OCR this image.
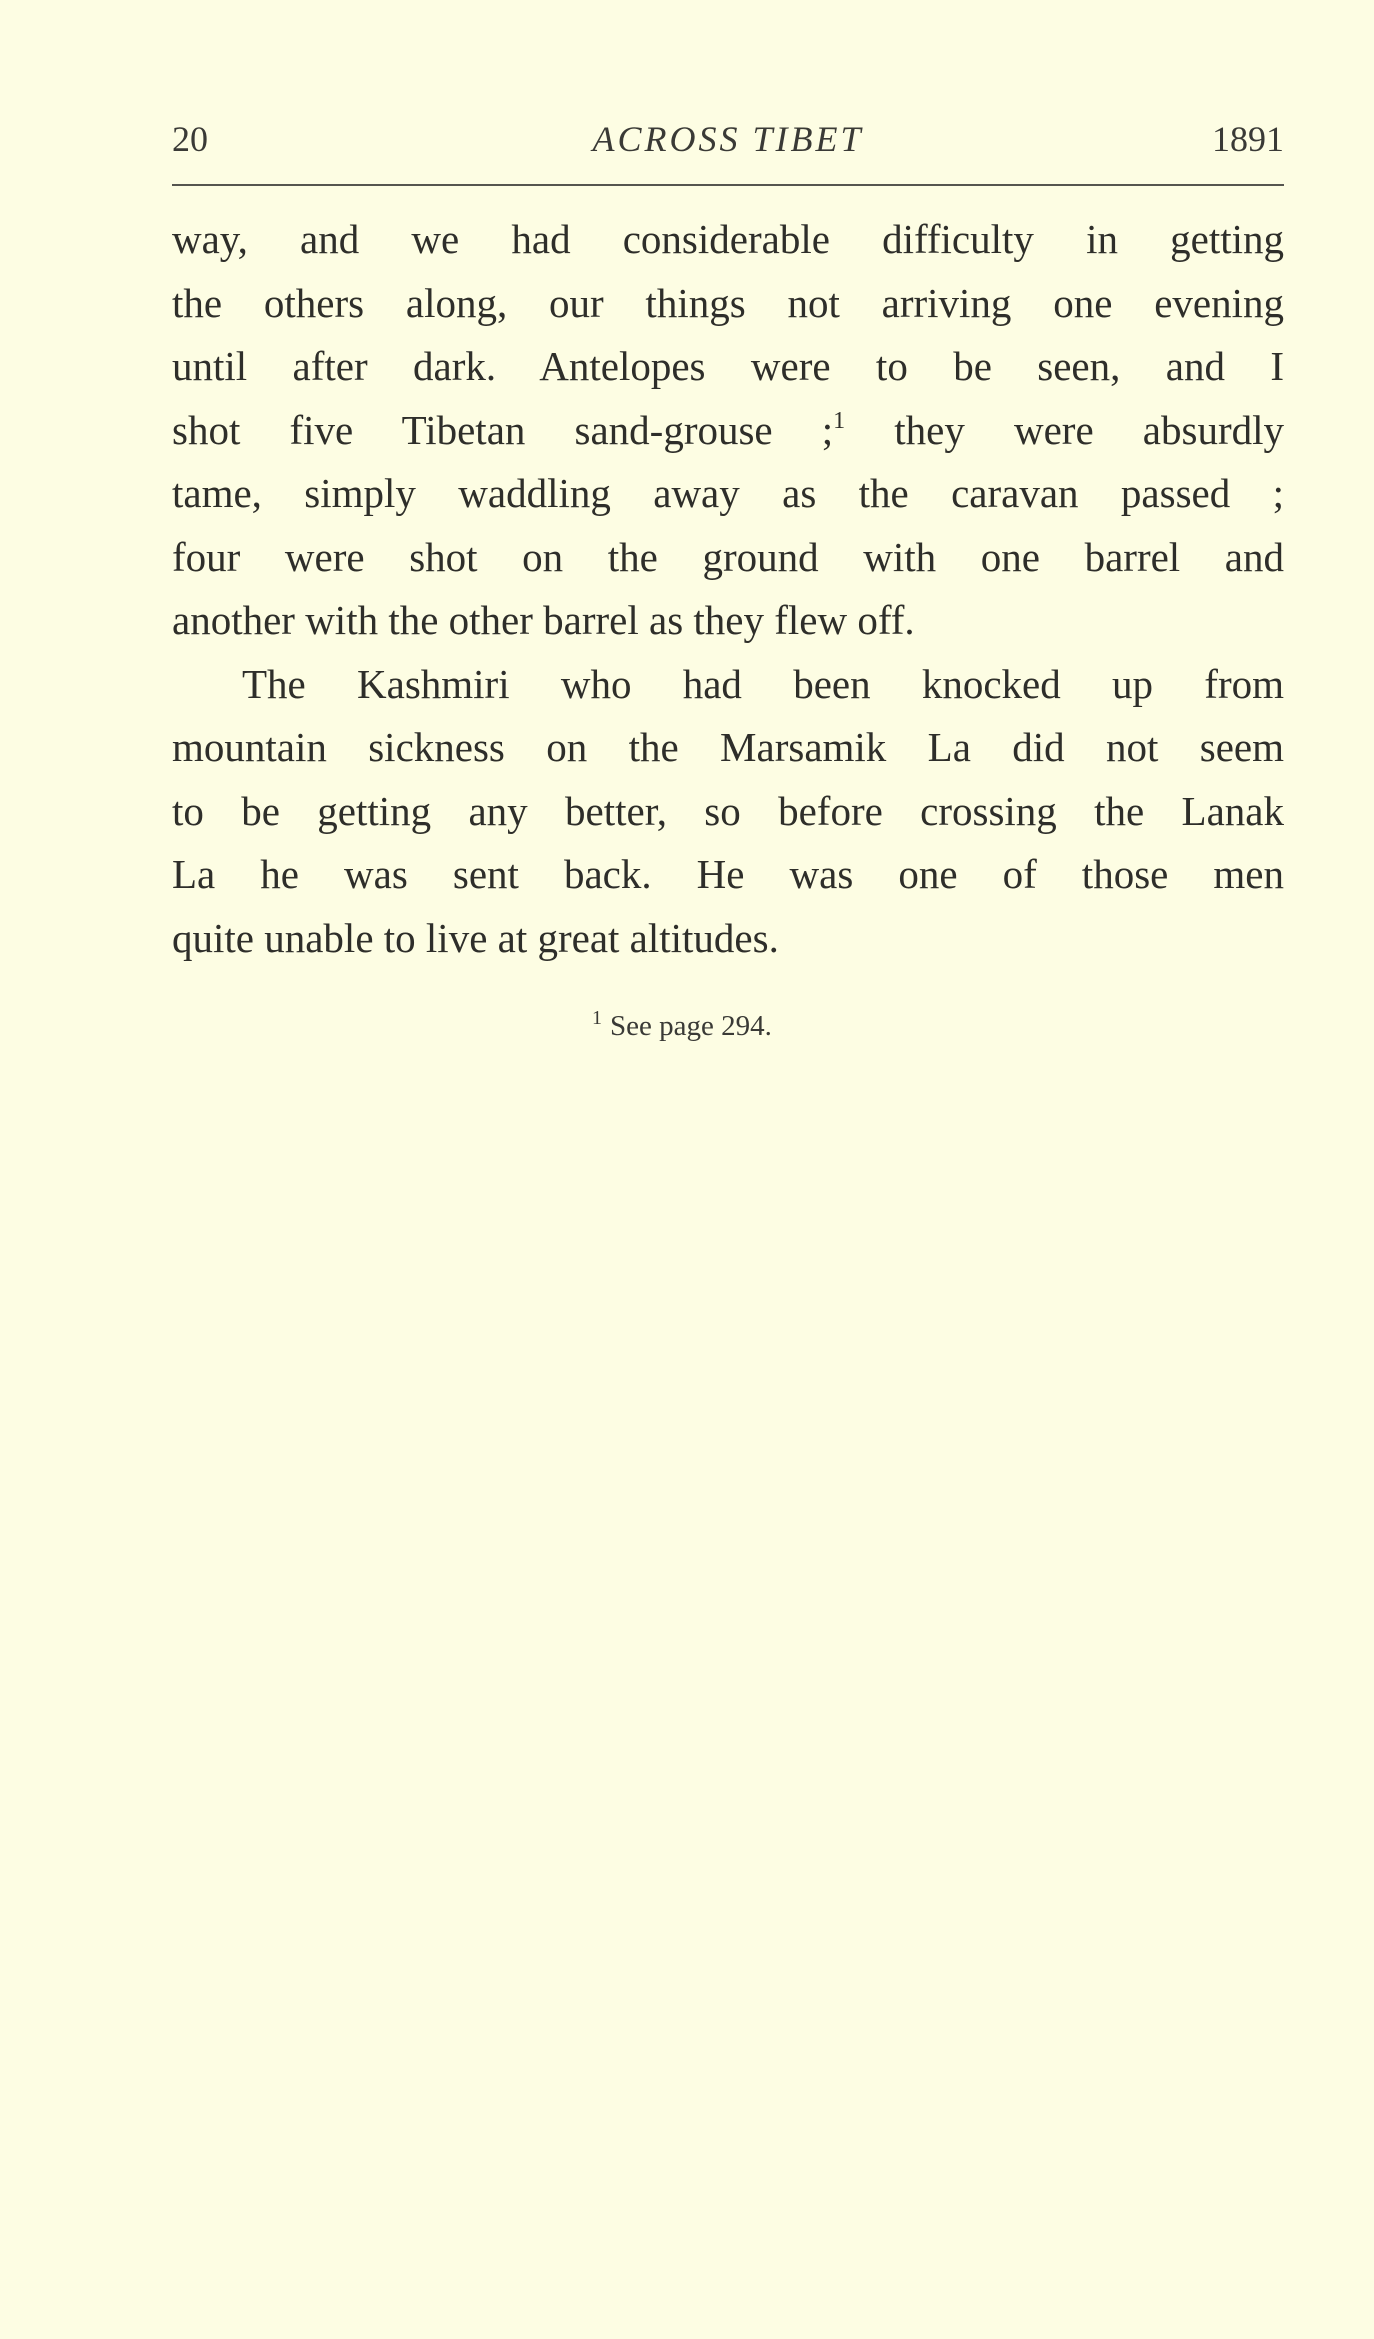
20	ACROSS TIBET	1891
way, and we had considerable difficulty in getting
the others along, our things not arriving one evening
until after dark. Antelopes were to be seen, and I
shot five Tibetan sand-grouse ;$^1$ they were absurdly
tame, simply waddling away as the caravan passed ;
four were shot on the ground with one barrel and
another with the other barrel as they flew off.
The Kashmiri who had been knocked up from
mountain sickness on the Marsamik La did not seem
to be getting any better, so before crossing the Lanak
La he was sent back. He was one of those men
quite unable to live at great altitudes.
$^1$ See page 294.
